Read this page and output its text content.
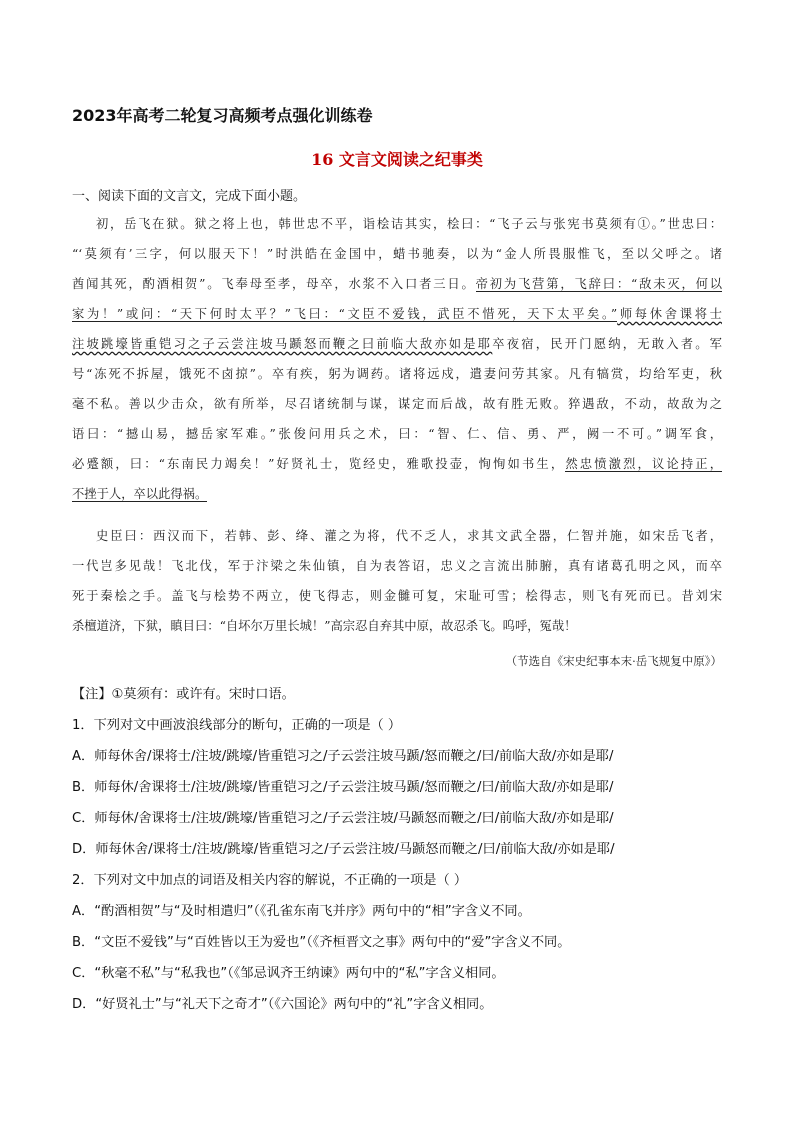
2023年高考二轮复习高频考点强化训练卷
16 文言文阅读之纪事类
一、阅读下面的文言文，完成下面小题。
初，岳飞在狱。狱之将上也，韩世忠不平，诣桧诘其实，桧曰：“飞子云与张宪书莫须有①。”世忠曰：
“‘莫须有’三字，何以服天下！”时洪皓在金国中，蜡书驰奏，以为“金人所畏服惟飞，至以父呼之。诸
酋闻其死，酌酒相贺”。飞奉母至孝，母卒，水浆不入口者三日。帝初为飞营第，飞辞曰：“敌未灭，何以
家为！”或问：“天下何时太平？”飞曰：“文臣不爱钱，武臣不惜死，天下太平矣。”师每休舍课将士
注坡跳壕皆重铠习之子云尝注坡马踬怒而鞭之曰前临大敌亦如是耶卒夜宿，民开门愿纳，无敢入者。军
号“冻死不拆屋，饿死不卤掠”。卒有疾，躬为调药。诸将远戍，遣妻问劳其家。凡有犒赏，均给军吏，秋
毫不私。善以少击众，欲有所举，尽召诸统制与谋，谋定而后战，故有胜无败。猝遇敌，不动，故敌为之
语曰：“撼山易，撼岳家军难。”张俊问用兵之术，曰：“智、仁、信、勇、严，阙一不可。”调军食，
必蹙额，曰：“东南民力竭矣！”好贤礼士，览经史，雅歌投壶，恂恂如书生，然忠愤激烈，议论持正，
不挫于人，卒以此得祸。
史臣曰：西汉而下，若韩、彭、绛、灌之为将，代不乏人，求其文武全器，仁智并施，如宋岳飞者，
一代岂多见哉！飞北伐，军于汴梁之朱仙镇，自为表答诏，忠义之言流出肺腑，真有诸葛孔明之风，而卒
死于秦桧之手。盖飞与桧势不两立，使飞得志，则金雠可复，宋耻可雪；桧得志，则飞有死而已。昔刘宋
杀檀道济，下狱，瞋目曰：“自坏尔万里长城！”高宗忍自弃其中原，故忍杀飞。呜呼，冤哉！
（节选自《宋史纪事本末·岳飞规复中原》）
【注】①莫须有：或许有。宋时口语。
1．下列对文中画波浪线部分的断句，正确的一项是（ ）
A．师每休舍/课将士/注坡/跳壕/皆重铠习之/子云尝注坡马踬/怒而鞭之/曰/前临大敌/亦如是耶/
B．师每休/舍课将士/注坡/跳壕/皆重铠习之/子云尝注坡马踬/怒而鞭之/曰/前临大敌/亦如是耶/
C．师每休/舍课将士/注坡/跳壕/皆重铠习之/子云尝注坡/马踬怒而鞭之/曰/前临大敌/亦如是耶/
D．师每休舍/课将士/注坡/跳壕/皆重铠习之/子云尝注坡/马踬怒而鞭之/曰/前临大敌/亦如是耶/
2．下列对文中加点的词语及相关内容的解说，不正确的一项是（ ）
A．“酌酒相贺”与“及时相遣归”（《孔雀东南飞并序》两句中的“相”字含义不同。
B．“文臣不爱钱”与“百姓皆以王为爱也”（《齐桓晋文之事》两句中的“爱”字含义不同。
C．“秋毫不私”与“私我也”（《邹忌讽齐王纳谏》两句中的“私”字含义相同。
D．“好贤礼士”与“礼天下之奇才”（《六国论》两句中的“礼”字含义相同。
